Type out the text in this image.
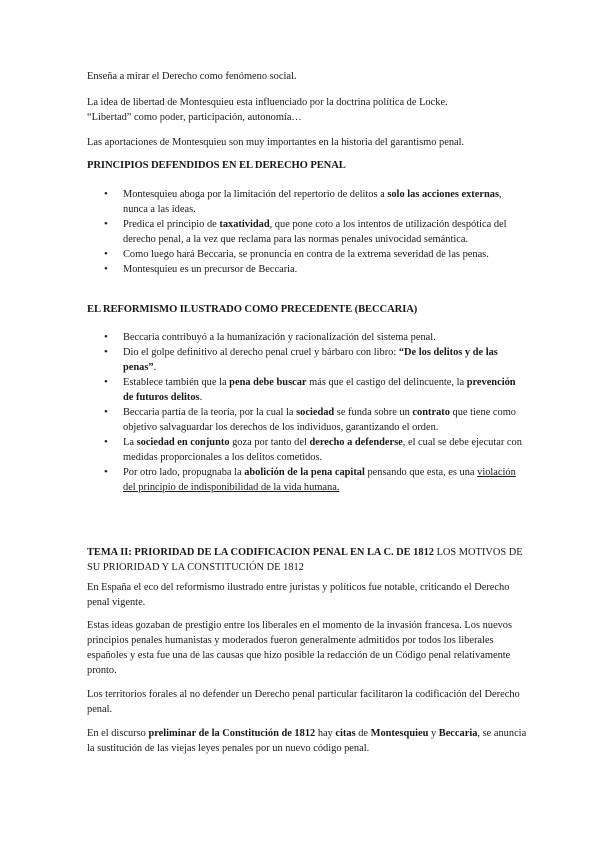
Enseña a mirar el Derecho como fenómeno social.

La idea de libertad de Montesquieu esta influenciado por la doctrina política de Locke.
“Libertad” como poder, participación, autonomía…

Las aportaciones de Montesquieu son muy importantes en la historia del garantismo penal.

PRINCIPIOS DEFENDIDOS EN EL DERECHO PENAL
• Montesquieu aboga por la limitación del repertorio de delitos a solo las acciones externas, nunca a las ideas.
• Predica el principio de taxatividad, que pone coto a los intentos de utilización despótica del derecho penal, a la vez que reclama para las normas penales univocidad semántica.
• Como luego hará Beccaria, se pronuncia en contra de la extrema severidad de las penas.
• Montesquieu es un precursor de Beccaria.
EL REFORMISMO ILUSTRADO COMO PRECEDENTE (BECCARIA)
• Beccaria contribuyó a la humanización y racionalización del sistema penal.
• Dio el golpe definitivo al derecho penal cruel y bárbaro con libro: “De los delitos y de las penas”.
• Establece también que la pena debe buscar más que el castigo del delincuente, la prevención de futuros delitos.
• Beccaria partía de la teoría, por la cual la sociedad se funda sobre un contrato que tiene como objetivo salvaguardar los derechos de los individuos, garantizando el orden.
• La sociedad en conjunto goza por tanto del derecho a defenderse, el cual se debe ejecutar con medidas proporcionales a los delitos cometidos.
• Por otro lado, propugnaba la abolición de la pena capital pensando que esta, es una violación del principio de indisponibilidad de la vida humana.
TEMA II: PRIORIDAD DE LA CODIFICACION PENAL EN LA C. DE 1812 LOS MOTIVOS DE SU PRIORIDAD Y LA CONSTITUCIÓN DE 1812

En España el eco del reformismo ilustrado entre juristas y políticos fue notable, criticando el Derecho penal vigente.

Estas ideas gozaban de prestigio entre los liberales en el momento de la invasión francesa. Los nuevos principios penales humanistas y moderados fueron generalmente admitidos por todos los liberales españoles y esta fue una de las causas que hizo posible la redacción de un Código penal relativamente pronto.

Los territorios forales al no defender un Derecho penal particular facilitaron la codificación del Derecho penal.

En el discurso preliminar de la Constitución de 1812 hay citas de Montesquieu y Beccaria, se anuncia la sustitución de las viejas leyes penales por un nuevo código penal.
